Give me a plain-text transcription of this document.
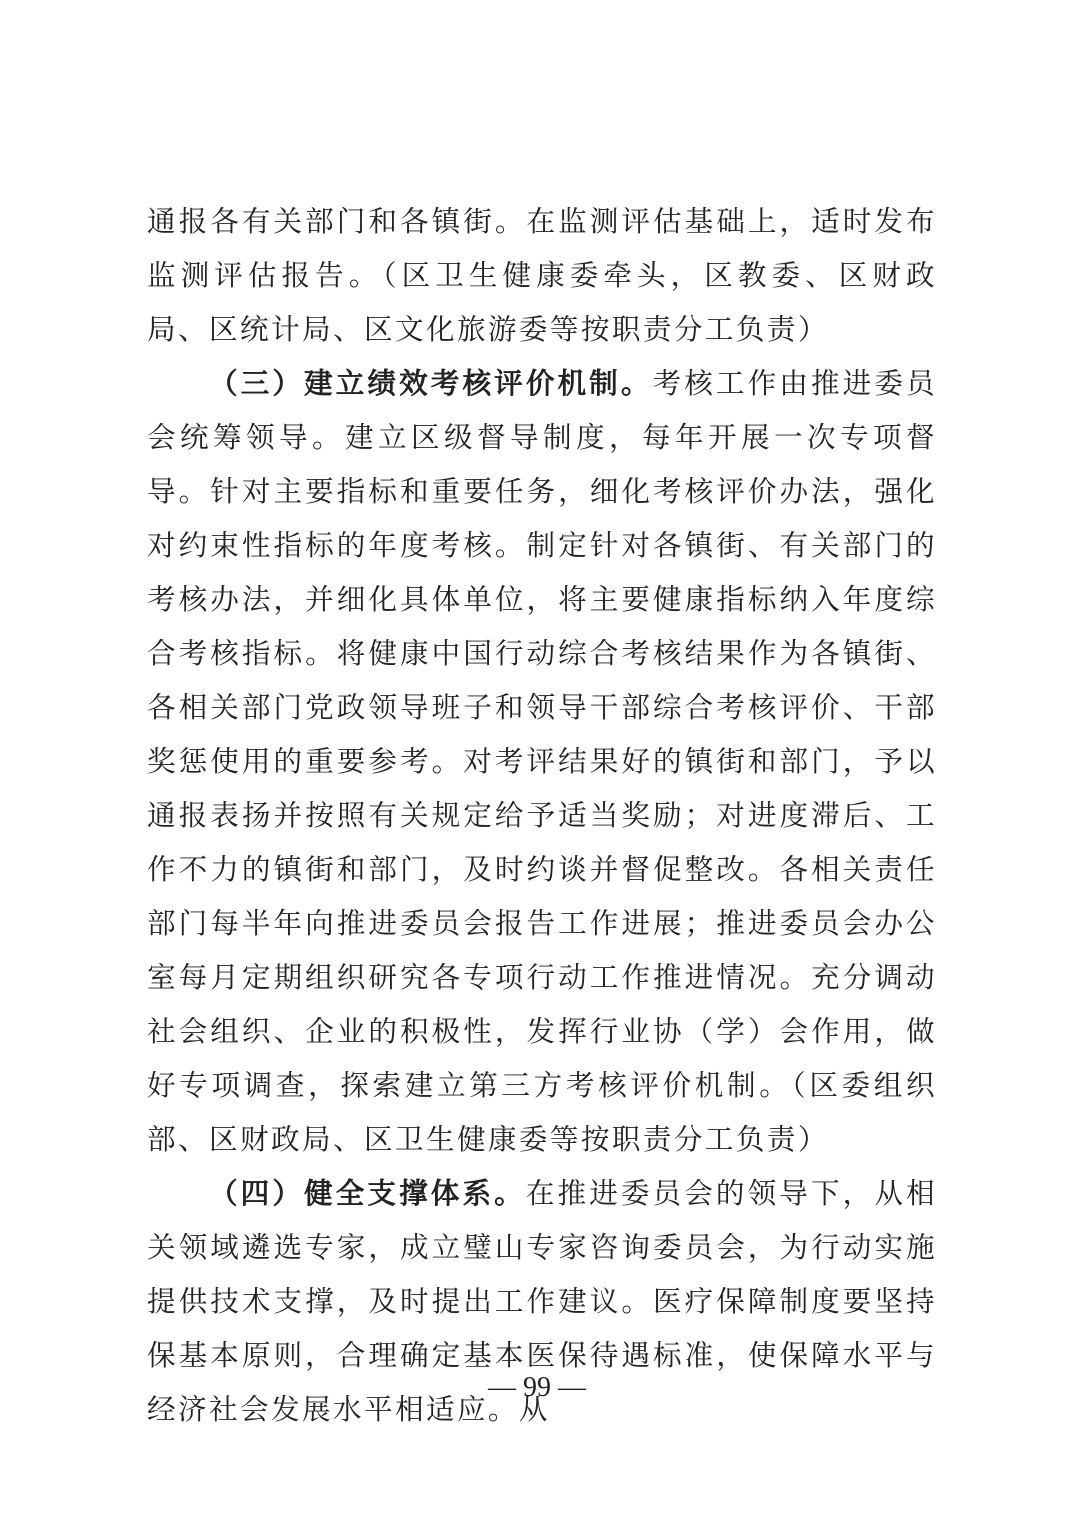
通报各有关部门和各镇街。在监测评估基础上，适时发布监测评估报告。（区卫生健康委牵头，区教委、区财政局、区统计局、区文化旅游委等按职责分工负责）

（三）建立绩效考核评价机制。考核工作由推进委员会统筹领导。建立区级督导制度，每年开展一次专项督导。针对主要指标和重要任务，细化考核评价办法，强化对约束性指标的年度考核。制定针对各镇街、有关部门的考核办法，并细化具体单位，将主要健康指标纳入年度综合考核指标。将健康中国行动综合考核结果作为各镇街、各相关部门党政领导班子和领导干部综合考核评价、干部奖惩使用的重要参考。对考评结果好的镇街和部门，予以通报表扬并按照有关规定给予适当奖励；对进度滞后、工作不力的镇街和部门，及时约谈并督促整改。各相关责任部门每半年向推进委员会报告工作进展；推进委员会办公室每月定期组织研究各专项行动工作推进情况。充分调动社会组织、企业的积极性，发挥行业协（学）会作用，做好专项调查，探索建立第三方考核评价机制。（区委组织部、区财政局、区卫生健康委等按职责分工负责）

（四）健全支撑体系。在推进委员会的领导下，从相关领域遴选专家，成立璧山专家咨询委员会，为行动实施提供技术支撑，及时提出工作建议。医疗保障制度要坚持保基本原则，合理确定基本医保待遇标准，使保障水平与经济社会发展水平相适应。从

— 99 —
